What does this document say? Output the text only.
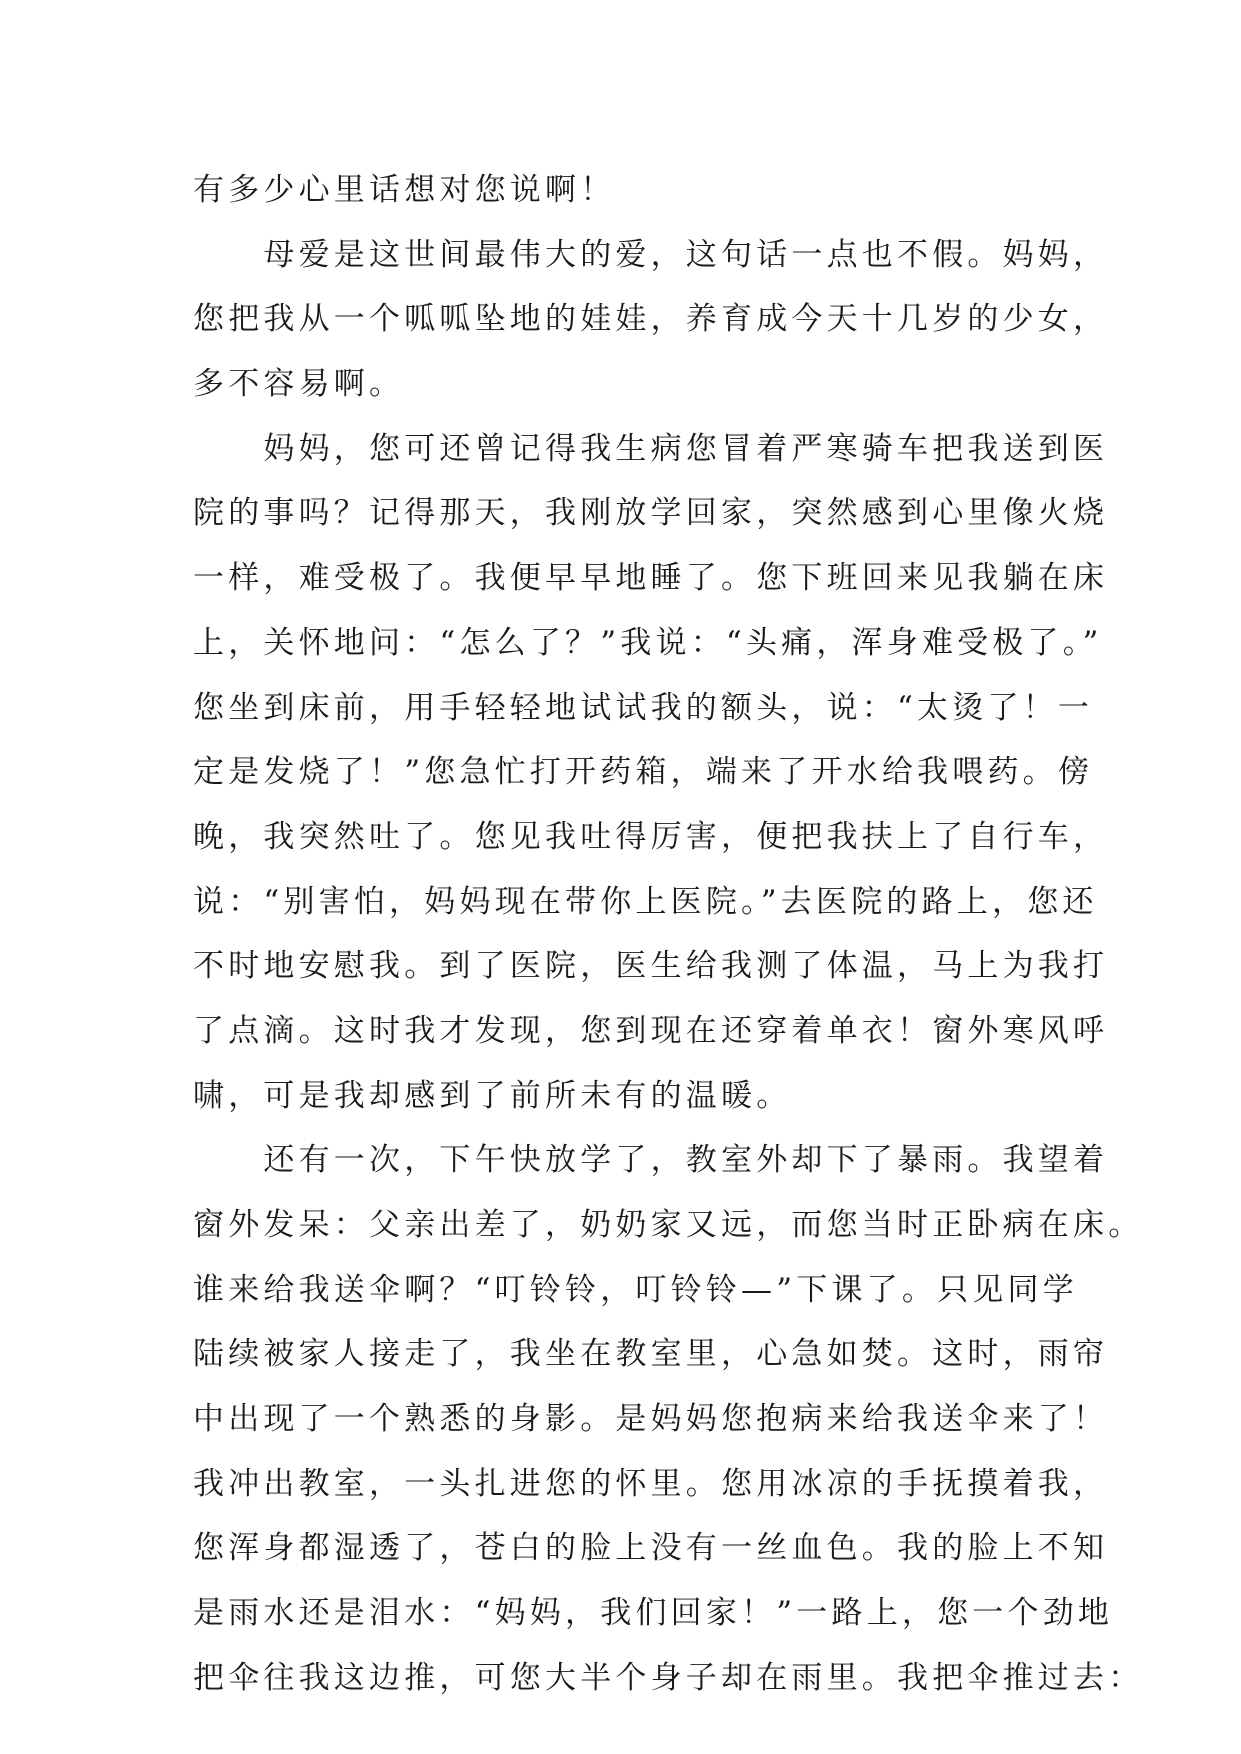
有多少心里话想对您说啊！
　　母爱是这世间最伟大的爱，这句话一点也不假。妈妈，
您把我从一个呱呱坠地的娃娃，养育成今天十几岁的少女，
多不容易啊。
　　妈妈，您可还曾记得我生病您冒着严寒骑车把我送到医
院的事吗？记得那天，我刚放学回家，突然感到心里像火烧
一样，难受极了。我便早早地睡了。您下班回来见我躺在床
上，关怀地问：“怎么了？”我说：“头痛，浑身难受极了。”
您坐到床前，用手轻轻地试试我的额头，说：“太烫了！一
定是发烧了！”您急忙打开药箱，端来了开水给我喂药。傍
晚，我突然吐了。您见我吐得厉害，便把我扶上了自行车，
说：“别害怕，妈妈现在带你上医院。”去医院的路上，您还
不时地安慰我。到了医院，医生给我测了体温，马上为我打
了点滴。这时我才发现，您到现在还穿着单衣！窗外寒风呼
啸，可是我却感到了前所未有的温暖。
　　还有一次，下午快放学了，教室外却下了暴雨。我望着
窗外发呆：父亲出差了，奶奶家又远，而您当时正卧病在床。
谁来给我送伞啊？“叮铃铃，叮铃铃—”下课了。只见同学
陆续被家人接走了，我坐在教室里，心急如焚。这时，雨帘
中出现了一个熟悉的身影。是妈妈您抱病来给我送伞来了！
我冲出教室，一头扎进您的怀里。您用冰凉的手抚摸着我，
您浑身都湿透了，苍白的脸上没有一丝血色。我的脸上不知
是雨水还是泪水：“妈妈，我们回家！”一路上，您一个劲地
把伞往我这边推，可您大半个身子却在雨里。我把伞推过去：
